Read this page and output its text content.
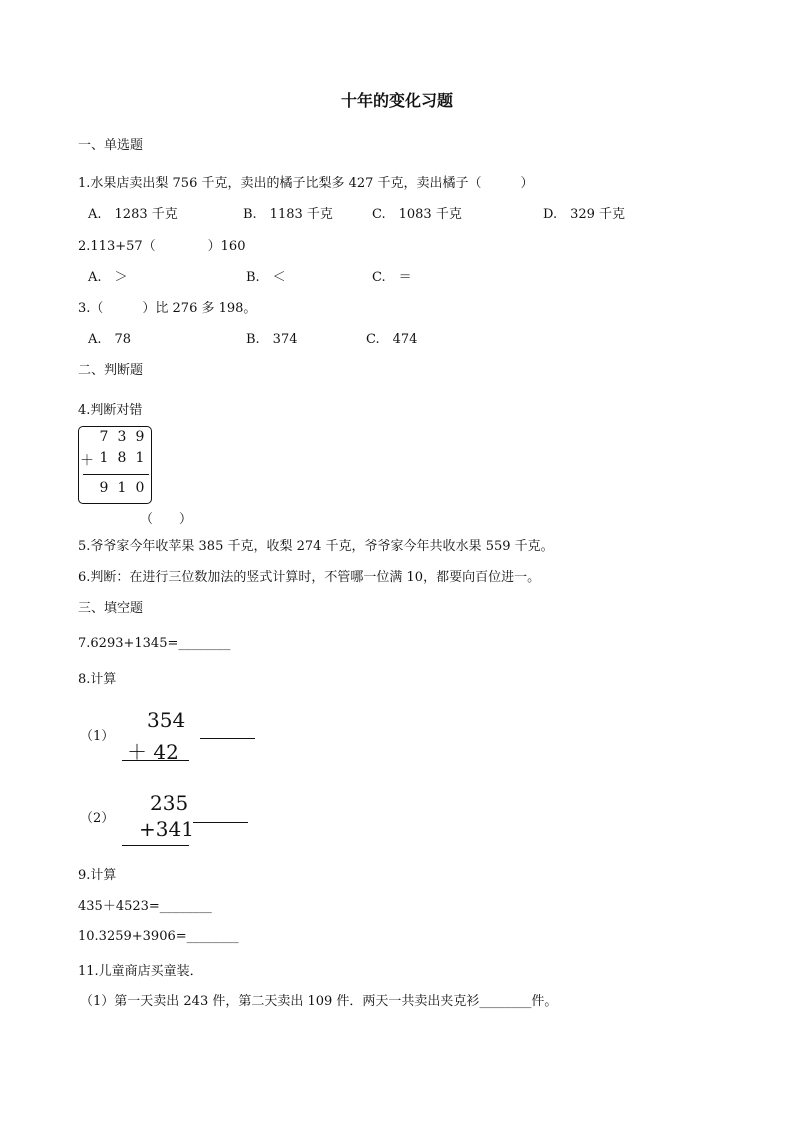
十年的变化习题
一、单选题
1.水果店卖出梨 756 千克，卖出的橘子比梨多 427 千克，卖出橘子（　　　）
A.　1283 千克	B.　1183 千克	C.　1083 千克	D.　329 千克
2.113+57（　　　　）160
A.　＞	B.　＜	C.　＝
3.（　　　）比 276 多 198。
A.　78	B.　374	C.　474
二、判断题
4.判断对错
7 3 9
＋ 1 8 1
9 1 0
（　　）
5.爷爷家今年收苹果 385 千克，收梨 274 千克，爷爷家今年共收水果 559 千克。
6.判断：在进行三位数加法的竖式计算时，不管哪一位满 10，都要向百位进一。
三、填空题
7.6293+1345=________
8.计算
（1）
354
＋ 42
（2）
235
+341
9.计算
435＋4523=________
10.3259+3906=________
11.儿童商店买童装．
（1）第一天卖出 243 件，第二天卖出 109 件．两天一共卖出夹克衫________件。
